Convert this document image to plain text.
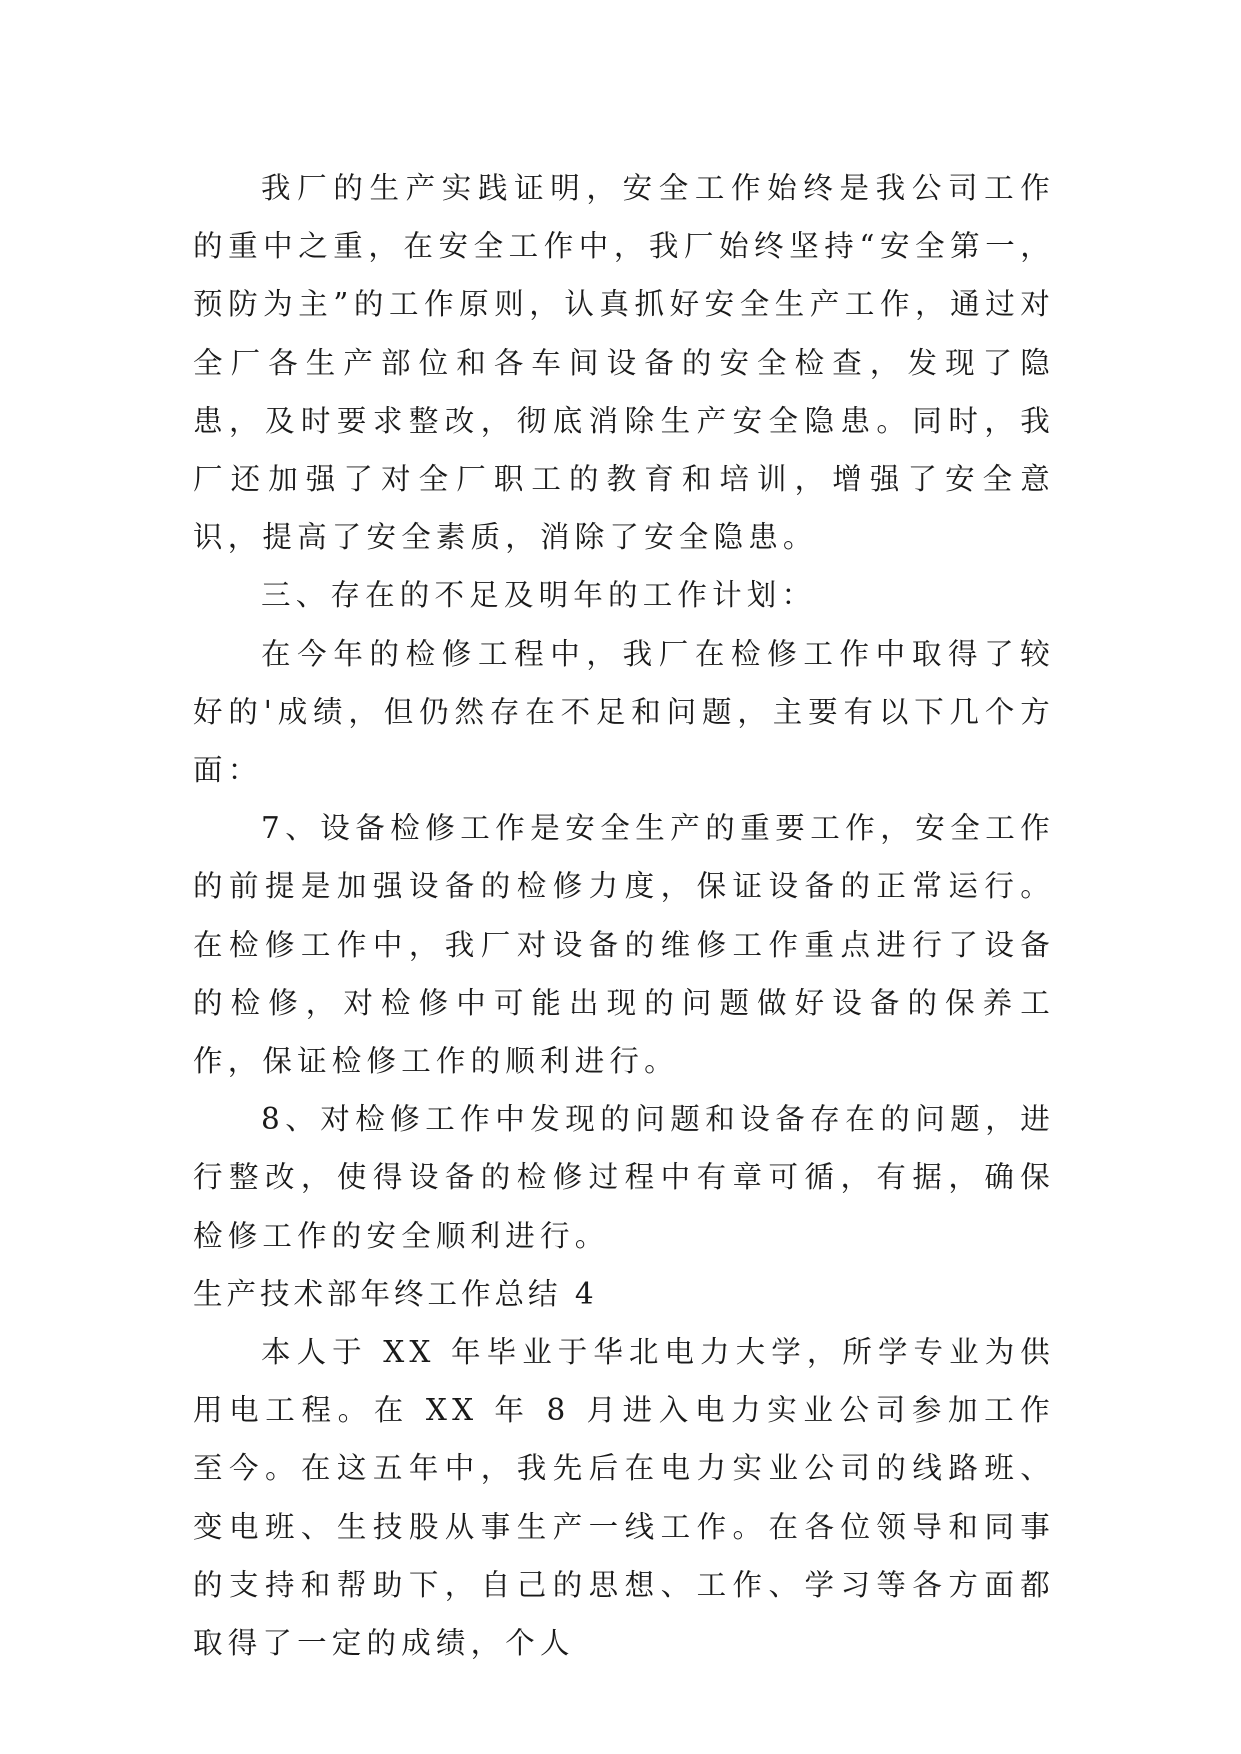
我厂的生产实践证明，安全工作始终是我公司工作的重中之重，在安全工作中，我厂始终坚持“安全第一，预防为主”的工作原则，认真抓好安全生产工作，通过对全厂各生产部位和各车间设备的安全检查，发现了隐患，及时要求整改，彻底消除生产安全隐患。同时，我厂还加强了对全厂职工的教育和培训，增强了安全意识，提高了安全素质，消除了安全隐患。

三、存在的不足及明年的工作计划：

在今年的检修工程中，我厂在检修工作中取得了较好的'成绩，但仍然存在不足和问题，主要有以下几个方面：

7、设备检修工作是安全生产的重要工作，安全工作的前提是加强设备的检修力度，保证设备的正常运行。在检修工作中，我厂对设备的维修工作重点进行了设备的检修，对检修中可能出现的问题做好设备的保养工作，保证检修工作的顺利进行。

8、对检修工作中发现的问题和设备存在的问题，进行整改，使得设备的检修过程中有章可循，有据，确保检修工作的安全顺利进行。

生产技术部年终工作总结 4

本人于 XX 年毕业于华北电力大学，所学专业为供用电工程。在 XX 年 8 月进入电力实业公司参加工作至今。在这五年中，我先后在电力实业公司的线路班、变电班、生技股从事生产一线工作。在各位领导和同事的支持和帮助下，自己的思想、工作、学习等各方面都取得了一定的成绩，个人
